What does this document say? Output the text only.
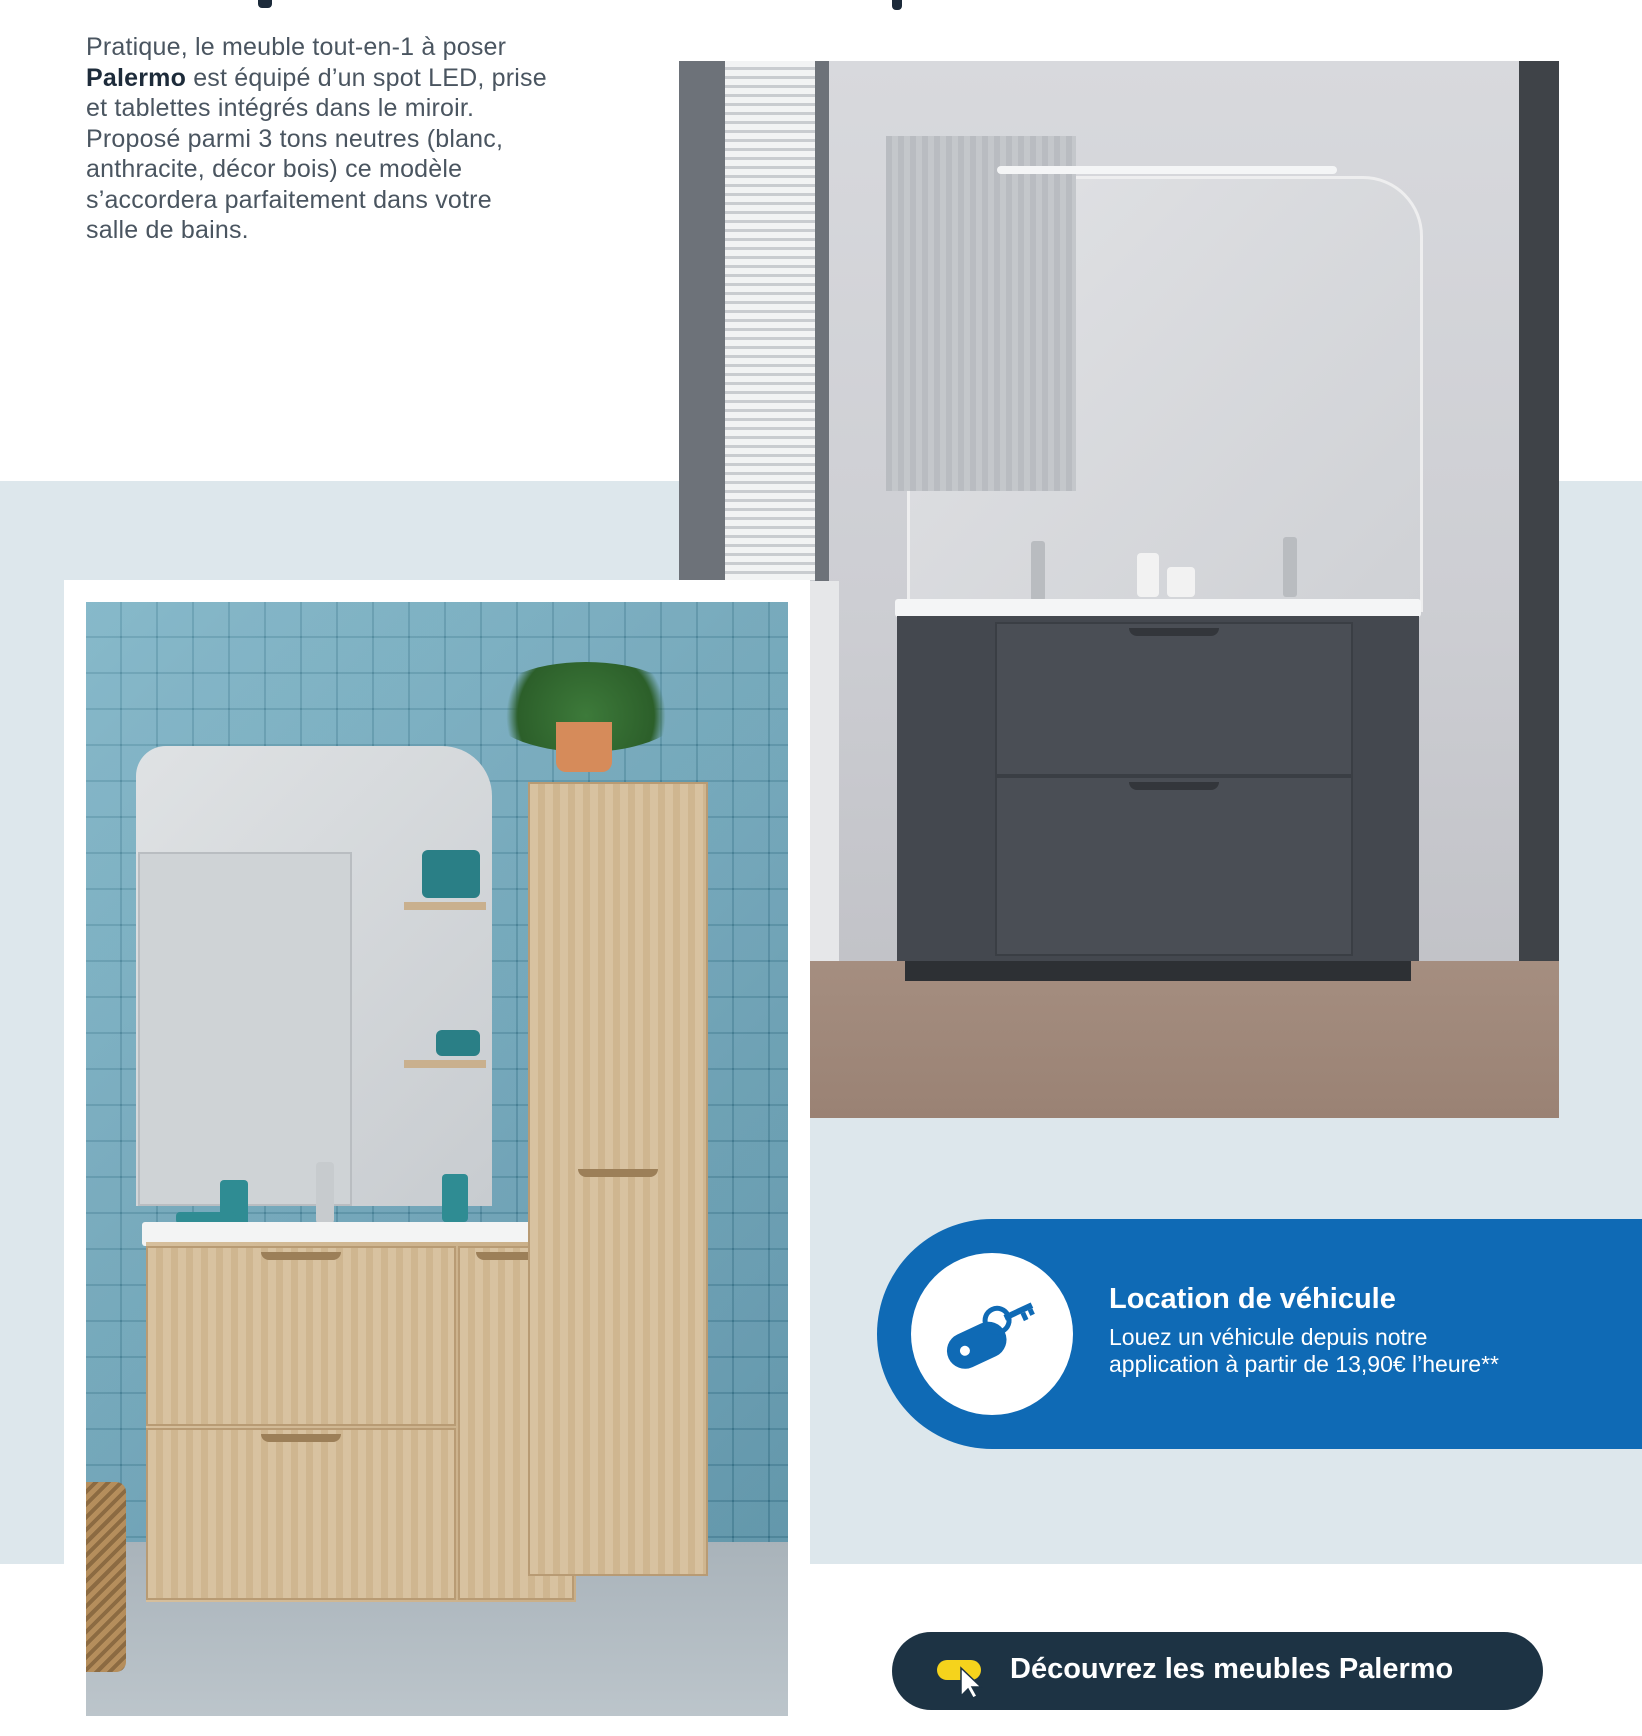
Pratique, le meuble tout-en-1 à poser
Palermo est équipé d’un spot LED, prise
et tablettes intégrés dans le miroir.
Proposé parmi 3 tons neutres (blanc,
anthracite, décor bois) ce modèle
s’accordera parfaitement dans votre
salle de bains.
Location de véhicule
Louez un véhicule depuis notre application à partir de 13,90€ l’heure**
Découvrez les meubles Palermo
